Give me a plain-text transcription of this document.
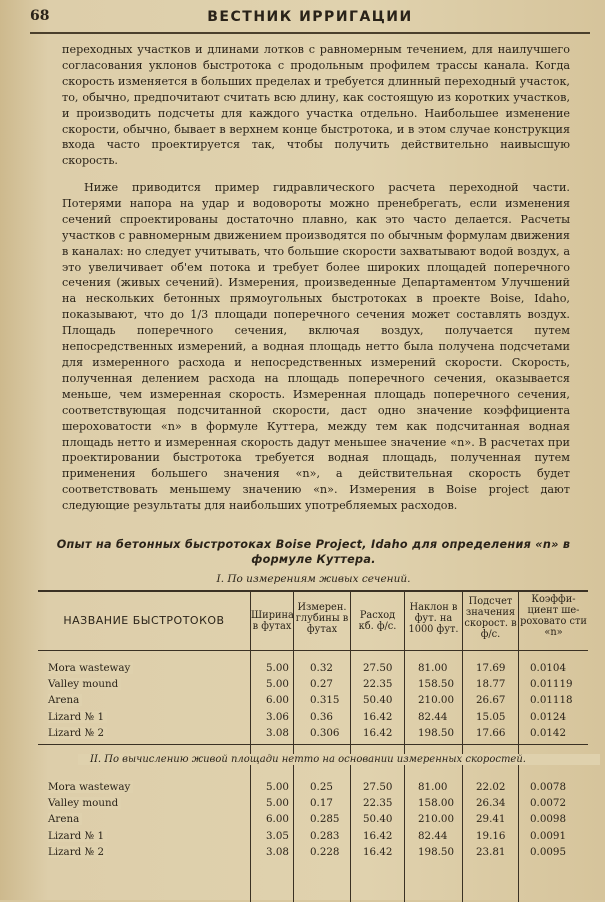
68	ВЕСТНИК ИРРИГАЦИИ

переходных участков и длинами лотков с равномерным течением, для наилучшего согласования уклонов быстротока с продольным профилем трассы канала. Когда скорость изменяется в больших пределах и требуется длинный переходный участок, то, обычно, предпочитают считать всю длину, как состоящую из коротких участков, и производить подсчеты для каждого участка отдельно. Наибольшее изменение скорости, обычно, бывает в верхнем конце быстротока, и в этом случае конструкция входа часто проектируется так, чтобы получить действительно наивысшую скорость.

Ниже приводится пример гидравлического расчета переходной части. Потерями напора на удар и водовороты можно пренебрегать, если изменения сечений спроектированы достаточно плавно, как это часто делается. Расчеты участков с равномерным движением производятся по обычным формулам движения в каналах: но следует учитывать, что большие скорости захватывают водой воздух, а это увеличивает об'ем потока и требует более широких площадей поперечного сечения (живых сечений). Измерения, произведенные Департаментом Улучшений на нескольких бетонных прямоугольных быстротоках в проекте Boise, Idaho, показывают, что до 1/3 площади поперечного сечения может составлять воздух. Площадь поперечного сечения, включая воздух, получается путем непосредственных измерений, а водная площадь нетто была получена подсчетами для измеренного расхода и непосредственных измерений скорости. Скорость, полученная делением расхода на площадь поперечного сечения, оказывается меньше, чем измеренная скорость. Измеренная площадь поперечного сечения, соответствующая подсчитанной скорости, даст одно значение коэффициента шероховатости «n» в формуле Куттера, между тем как подсчитанная водная площадь нетто и измеренная скорость дадут меньшее значение «n». В расчетах при проектировании быстротока требуется водная площадь, полученная путем применения большего значения «n», а действительная скорость будет соответствовать меньшему значению «n». Измерения в Boise project дают следующие результаты для наибольших употребляемых расходов.

Опыт на бетонных быстротоках Boise Project, Idaho для определения «n» в формуле Куттера.
I. По измерениям живых сечений.
НАЗВАНИЕ БЫСТРОТОКОВ	Ширина в футах
Измерен. глубины в футах
Расход кб. ф/с.
Наклон в фут. на 1000 фут.
Подсчет значения скорост. в ф/с.
Коэффи- циент ше- роховато сти «n»
Mora wasteway	5.00 0.32	27.50 81.00	17.69 0.0104
Valley mound	5.00 0.27	22.35 158.50 18.77 0.01119
Arena	6.00 0.315 50.40 210.00 26.67 0.01118
Lizard № 1	3.06 0.36	16.42 82.44	15.05 0.0124
Lizard № 2	3.08 0.306 16.42 198.50 17.66 0.0142
II. По вычислению живой площади нетто на основании измеренных скоростей.
Mora wasteway	5.00 0.25	27.50 81.00	22.02 0.0078
Valley mound	5.00 0.17	22.35 158.00 26.34 0.0072
Arena	6.00 0.285 50.40 210.00 29.41 0.0098
Lizard № 1	3.05 0.283 16.42 82.44	19.16 0.0091
Lizard № 2	3.08 0.228 16.42 198.50 23.81 0.0095
